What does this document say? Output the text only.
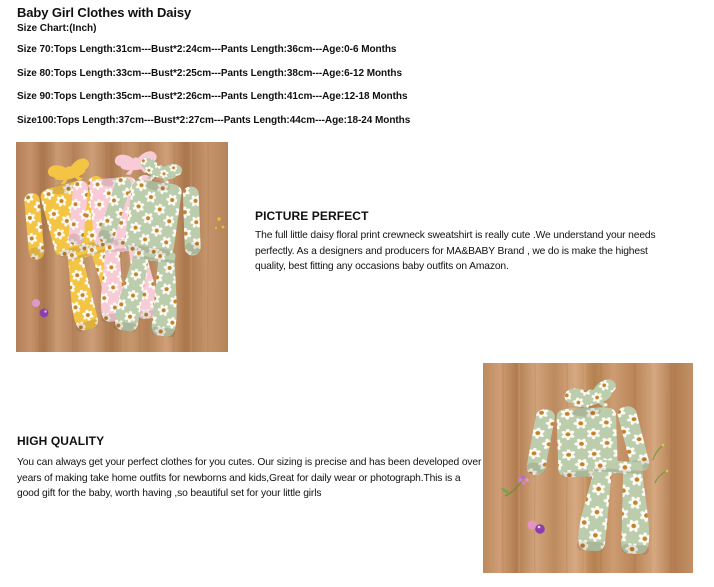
Baby Girl Clothes with Daisy
Size Chart:(Inch)
Size 70:Tops Length:31cm---Bust*2:24cm---Pants Length:36cm---Age:0-6 Months
Size 80:Tops Length:33cm---Bust*2:25cm---Pants Length:38cm---Age:6-12 Months
Size 90:Tops Length:35cm---Bust*2:26cm---Pants Length:41cm---Age:12-18 Months
Size100:Tops Length:37cm---Bust*2:27cm---Pants Length:44cm---Age:18-24 Months
PICTURE PERFECT

The full little daisy floral print crewneck sweatshirt is really cute .We understand your needs perfectly. As a designers and producers for MA&BABY Brand , we do is make the highest quality, best fitting any occasions baby outfits on Amazon.

HIGH QUALITY

You can always get your perfect clothes for you cutes. Our sizing is precise and has been developed over years of making take home outfits for newborns and kids,Great for daily wear or photograph.This is a good gift for the baby, worth having ,so beautiful set for your little girls
